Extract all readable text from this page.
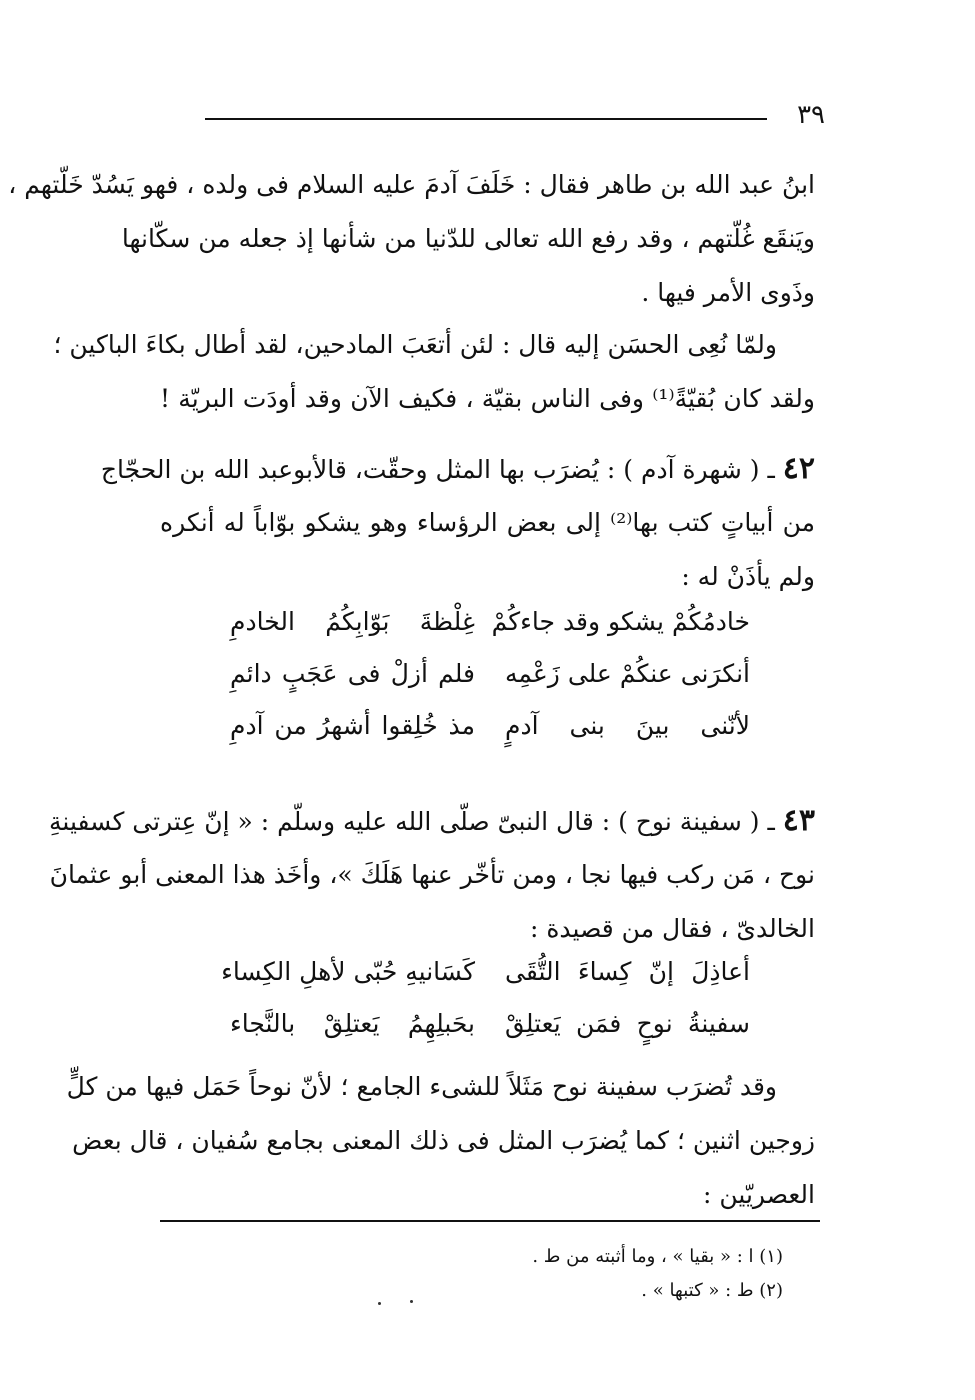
٣٩
ابنُ عبد الله بن طاهر فقال : خَلَفَ آدمَ عليه السلام فى ولده ، فهو يَسُدّ خَلّتهم ،
ويَنقَع غُلّتهم ، وقد رفع الله تعالى للدّنيا من شأنها إذ جعله من سكّانها
وذَوى الأمر فيها .
ولمّا نُعِى الحسَن إليه قال : لئن أتعَبَ المادحين، لقد أطال بكاءَ الباكين ؛
ولقد كان بُقيّةً⁽¹⁾ وفى الناس بقيّة ، فكيف الآن وقد أودَت البريّة !
٤٢ ـ ( شهرة آدم ) : يُضرَب بها المثل وحقّت، قالأبوعبد الله بن الحجّاج
من أبياتٍ كتب بها⁽²⁾ إلى بعض الرؤساء وهو يشكو بوّاباً له أنكره
ولم يأذَنْ له :
خادمُكُمْ يشكو وقد جاءكُمْ
غِلْظةَ بَوّابِكُمُ الخادمِ
أنكرَنى عنكُمْ على زَعْمِه
فلم أزلْ فى عَجَبٍ دائمِ
لأنّنى بينَ بنى آدمٍ
مذ خُلِقوا أشهرُ من آدمِ
٤٣ ـ ( سفينة نوح ) : قال النبىّ صلّى الله عليه وسلّم : « إنّ عِترتى كسفينةِ
نوح ، مَن ركب فيها نجا ، ومن تأخّر عنها هَلَكَ »، وأخَذ هذا المعنى أبو عثمانَ
الخالدىّ ، فقال من قصيدة :
أعاذِلَ إنّ كِساءَ التُّقَى
كَسَانيهِ حُبّى لأهلِ الكِساء
سفينةُ نوحٍ فمَن يَعتلِقْ
بحَبلِهِمُ يَعتلِقْ بالنَّجاء
وقد تُضرَب سفينة نوح مَثَلاً للشىء الجامع ؛ لأنّ نوحاً حَمَل فيها من كلٍّ
زوجين اثنين ؛ كما يُضرَب المثل فى ذلك المعنى بجامع سُفيان ، قال بعض
العصريّين :
(١) ا : « بقيا » ، وما أثبته من ط .
(٢) ط : « كتبها » .
